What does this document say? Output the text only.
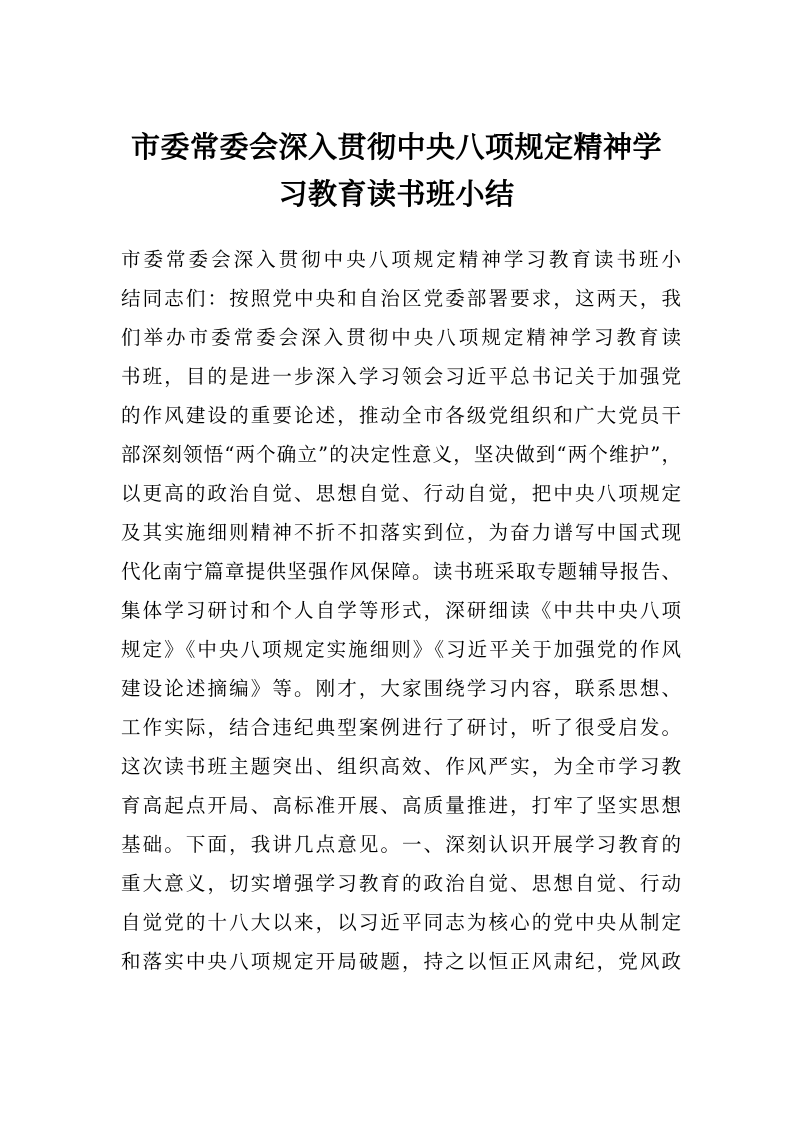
市委常委会深入贯彻中央八项规定精神学
习教育读书班小结
市委常委会深入贯彻中央八项规定精神学习教育读书班小
结同志们：按照党中央和自治区党委部署要求，这两天，我
们举办市委常委会深入贯彻中央八项规定精神学习教育读
书班，目的是进一步深入学习领会习近平总书记关于加强党
的作风建设的重要论述，推动全市各级党组织和广大党员干
部深刻领悟“两个确立”的决定性意义，坚决做到“两个维护”，
以更高的政治自觉、思想自觉、行动自觉，把中央八项规定
及其实施细则精神不折不扣落实到位，为奋力谱写中国式现
代化南宁篇章提供坚强作风保障。读书班采取专题辅导报告、
集体学习研讨和个人自学等形式，深研细读《中共中央八项
规定》《中央八项规定实施细则》《习近平关于加强党的作风
建设论述摘编》等。刚才，大家围绕学习内容，联系思想、
工作实际，结合违纪典型案例进行了研讨，听了很受启发。
这次读书班主题突出、组织高效、作风严实，为全市学习教
育高起点开局、高标准开展、高质量推进，打牢了坚实思想
基础。下面，我讲几点意见。一、深刻认识开展学习教育的
重大意义，切实增强学习教育的政治自觉、思想自觉、行动
自觉党的十八大以来，以习近平同志为核心的党中央从制定
和落实中央八项规定开局破题，持之以恒正风肃纪，党风政
